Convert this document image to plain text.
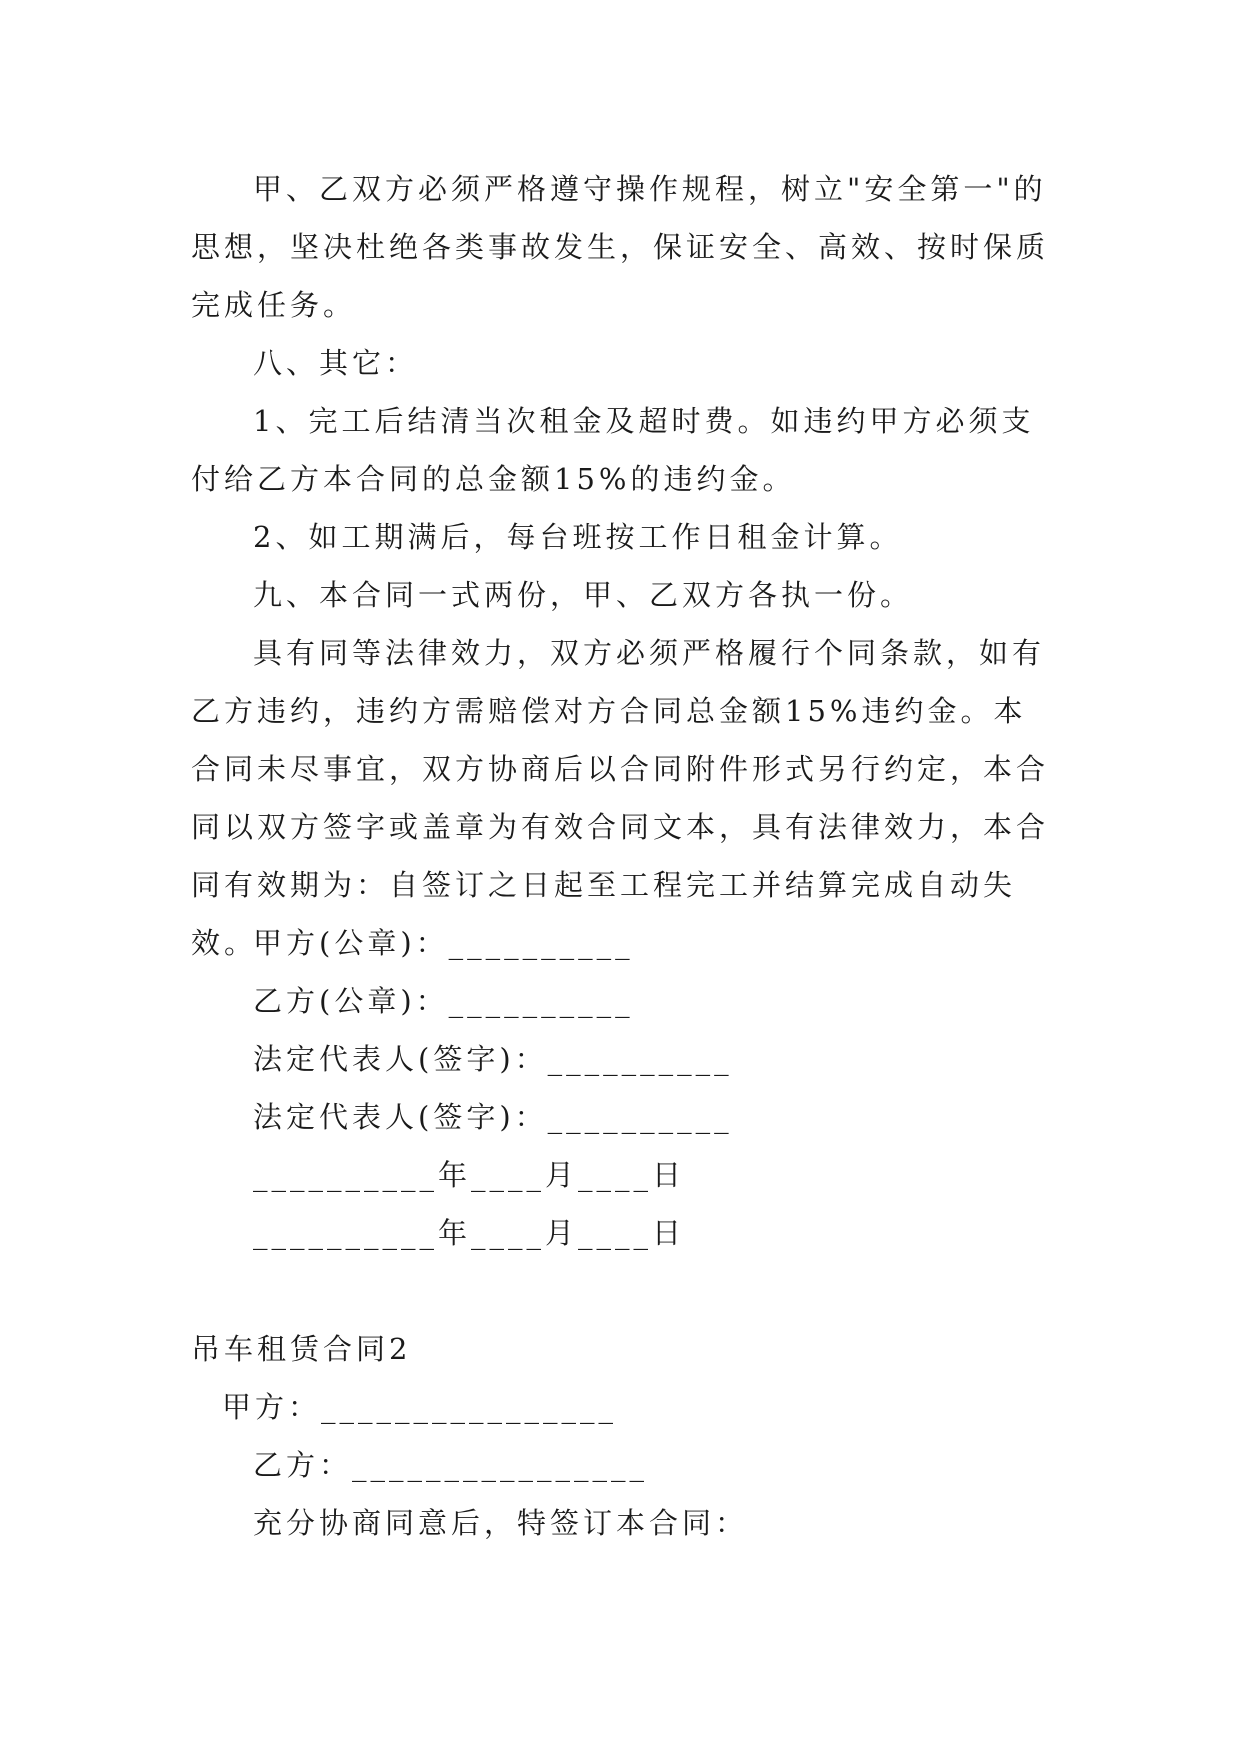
甲、乙双方必须严格遵守操作规程，树立"安全第一"的思想，坚决杜绝各类事故发生，保证安全、高效、按时保质完成任务。

八、其它：

1、完工后结清当次租金及超时费。如违约甲方必须支付给乙方本合同的总金额15%的违约金。

2、如工期满后，每台班按工作日租金计算。

九、本合同一式两份，甲、乙双方各执一份。

具有同等法律效力，双方必须严格履行个同条款，如有乙方违约，违约方需赔偿对方合同总金额15%违约金。本合同未尽事宜，双方协商后以合同附件形式另行约定，本合同以双方签字或盖章为有效合同文本，具有法律效力，本合同有效期为：自签订之日起至工程完工并结算完成自动失效。

甲方(公章)：__________

乙方(公章)：__________

法定代表人(签字)：__________

法定代表人(签字)：__________

__________年____月____日

__________年____月____日

吊车租赁合同2

甲方：________________

乙方：________________

充分协商同意后，特签订本合同：
